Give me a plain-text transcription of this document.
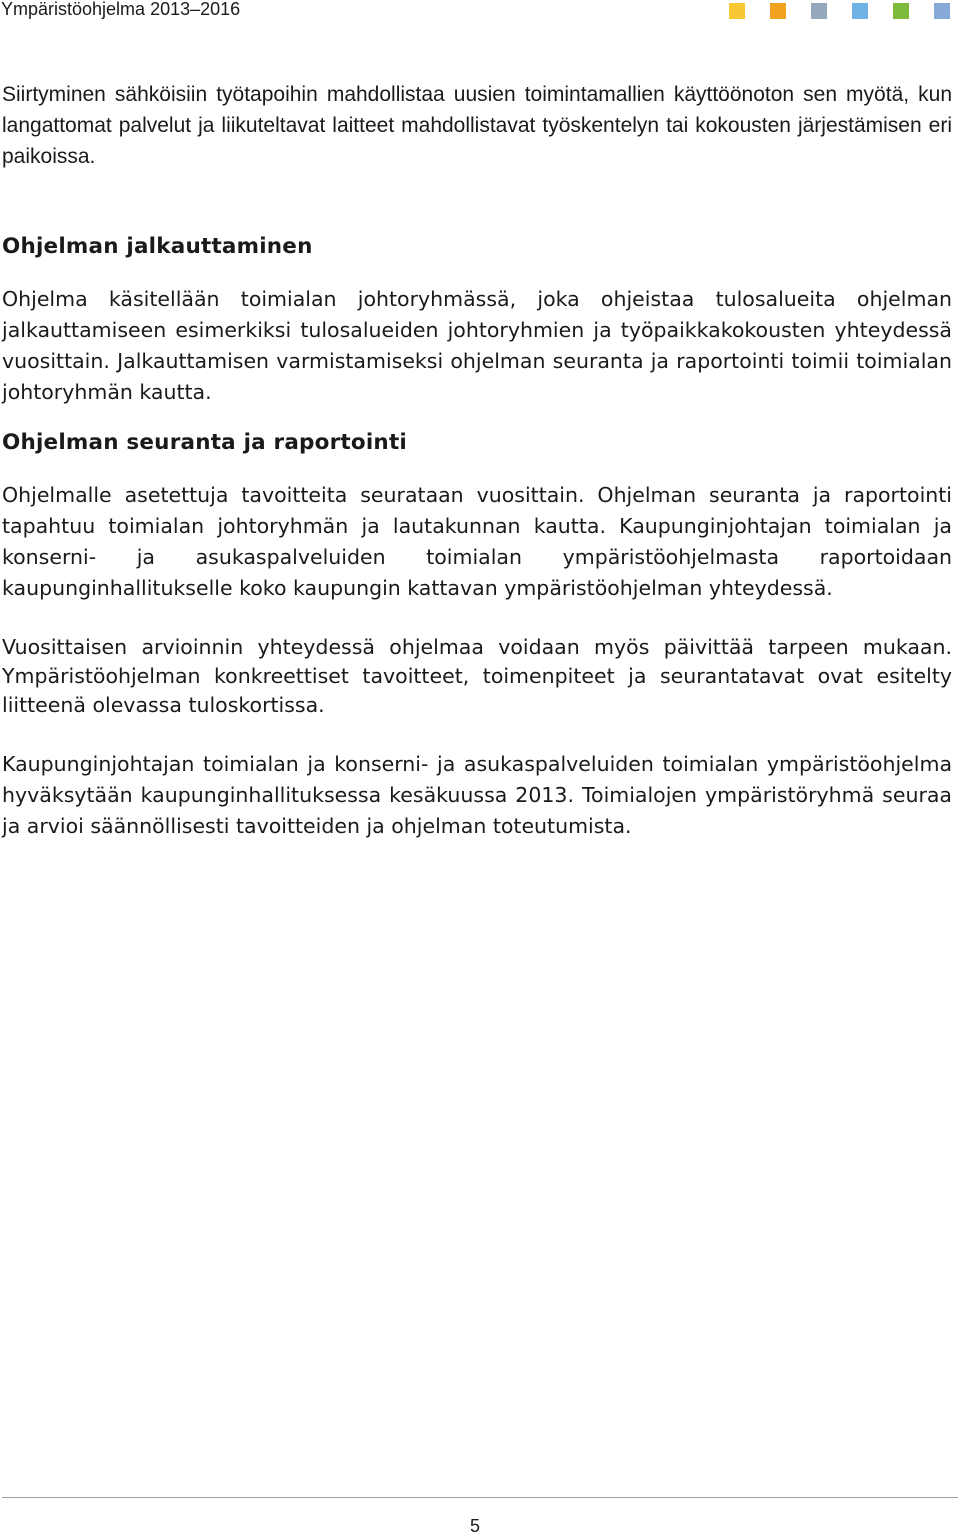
Ympäristöohjelma 2013–2016

Siirtyminen sähköisiin työtapoihin mahdollistaa uusien toimintamallien käyttöönoton sen myötä, kun langattomat palvelut ja liikuteltavat laitteet mahdollistavat työskentelyn tai kokousten järjestämisen eri paikoissa.

Ohjelman jalkauttaminen

Ohjelma käsitellään toimialan johtoryhmässä, joka ohjeistaa tulosalueita ohjelman jalkauttamiseen esimerkiksi tulosalueiden johtoryhmien ja työpaikkakokousten yhteydessä vuosittain. Jalkauttamisen varmistamiseksi ohjelman seuranta ja raportointi toimii toimialan johtoryhmän kautta.

Ohjelman seuranta ja raportointi

Ohjelmalle asetettuja tavoitteita seurataan vuosittain. Ohjelman seuranta ja raportointi tapahtuu toimialan johtoryhmän ja lautakunnan kautta. Kaupunginjohtajan toimialan ja konserni- ja asukaspalveluiden toimialan ympäristöohjelmasta raportoidaan kaupunginhallitukselle koko kaupungin kattavan ympäristöohjelman yhteydessä.

Vuosittaisen arvioinnin yhteydessä ohjelmaa voidaan myös päivittää tarpeen mukaan. Ympäristöohjelman konkreettiset tavoitteet, toimenpiteet ja seurantatavat ovat esitelty liitteenä olevassa tuloskortissa.

Kaupunginjohtajan toimialan ja konserni- ja asukaspalveluiden toimialan ympäristöohjelma hyväksytään kaupunginhallituksessa kesäkuussa 2013. Toimialojen ympäristöryhmä seuraa ja arvioi säännöllisesti tavoitteiden ja ohjelman toteutumista.

5
